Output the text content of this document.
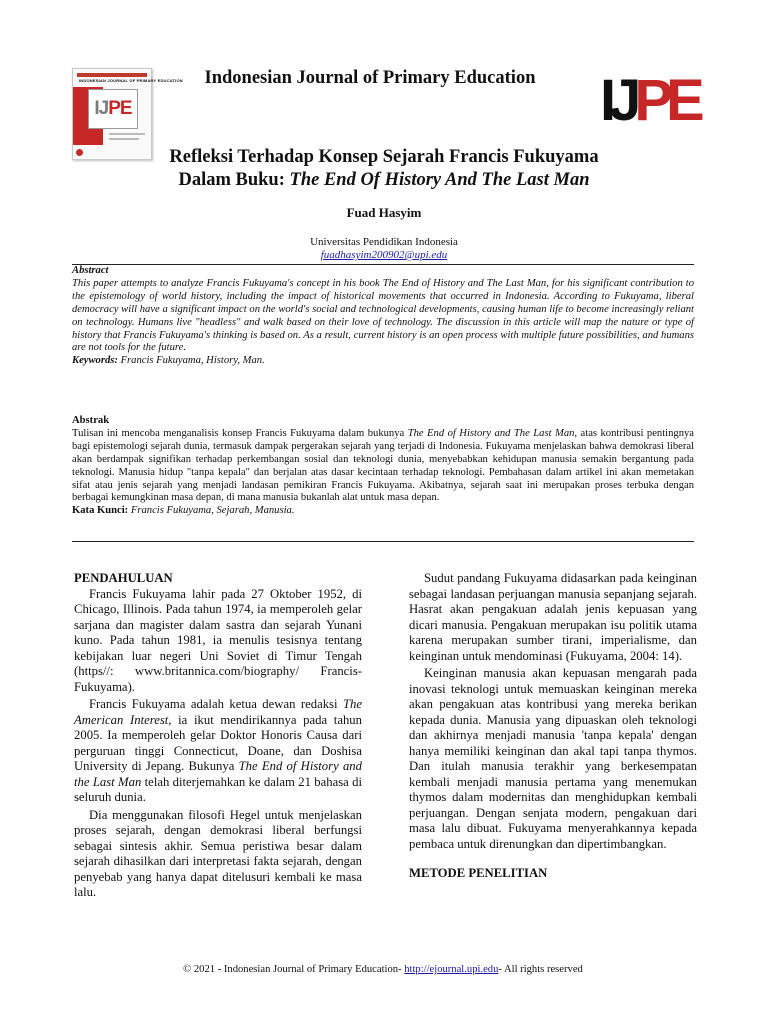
INDONESIAN JOURNAL OF PRIMARY EDUCATION
IJPE
Indonesian Journal of Primary Education	IJPE
Refleksi Terhadap Konsep Sejarah Francis Fukuyama
Dalam Buku: The End Of History And The Last Man
Fuad Hasyim
Universitas Pendidikan Indonesia
fuadhasyim200902@upi.edu
Abstract
This paper attempts to analyze Francis Fukuyama's concept in his book The End of History and The Last Man, for his significant contribution to the epistemology of world history, including the impact of historical movements that occurred in Indonesia. According to Fukuyama, liberal democracy will have a significant impact on the world's social and technological developments, causing human life to become increasingly reliant on technology. Humans live "headless" and walk based on their love of technology. The discussion in this article will map the nature or type of history that Francis Fukuyama's thinking is based on. As a result, current history is an open process with multiple future possibilities, and humans are not tools for the future.
Keywords: Francis Fukuyama, History, Man.
Abstrak
Tulisan ini mencoba menganalisis konsep Francis Fukuyama dalam bukunya The End of History and The Last Man, atas kontribusi pentingnya bagi epistemologi sejarah dunia, termasuk dampak pergerakan sejarah yang terjadi di Indonesia. Fukuyama menjelaskan bahwa demokrasi liberal akan berdampak signifikan terhadap perkembangan sosial dan teknologi dunia, menyebabkan kehidupan manusia semakin bergantung pada teknologi. Manusia hidup "tanpa kepala" dan berjalan atas dasar kecintaan terhadap teknologi. Pembahasan dalam artikel ini akan memetakan sifat atau jenis sejarah yang menjadi landasan pemikiran Francis Fukuyama. Akibatnya, sejarah saat ini merupakan proses terbuka dengan berbagai kemungkinan masa depan, di mana manusia bukanlah alat untuk masa depan.
Kata Kunci: Francis Fukuyama, Sejarah, Manusia.
PENDAHULUAN

Francis Fukuyama lahir pada 27 Oktober 1952, di Chicago, Illinois. Pada tahun 1974, ia memperoleh gelar sarjana dan magister dalam sastra dan sejarah Yunani kuno. Pada tahun 1981, ia menulis tesisnya tentang kebijakan luar negeri Uni Soviet di Timur Tengah (https//: www.britannica.com/biography/ Francis-Fukuyama).

Francis Fukuyama adalah ketua dewan redaksi The American Interest, ia ikut mendirikannya pada tahun 2005. Ia memperoleh gelar Doktor Honoris Causa dari perguruan tinggi Connecticut, Doane, dan Doshisa University di Jepang. Bukunya The End of History and the Last Man telah diterjemahkan ke dalam 21 bahasa di seluruh dunia.

Dia menggunakan filosofi Hegel untuk menjelaskan proses sejarah, dengan demokrasi liberal berfungsi sebagai sintesis akhir. Semua peristiwa besar dalam sejarah dihasilkan dari interpretasi fakta sejarah, dengan penyebab yang hanya dapat ditelusuri kembali ke masa lalu.

Sudut pandang Fukuyama didasarkan pada keinginan sebagai landasan perjuangan manusia sepanjang sejarah. Hasrat akan pengakuan adalah jenis kepuasan yang dicari manusia. Pengakuan merupakan isu politik utama karena merupakan sumber tirani, imperialisme, dan keinginan untuk mendominasi (Fukuyama, 2004: 14).

Keinginan manusia akan kepuasan mengarah pada inovasi teknologi untuk memuaskan keinginan mereka akan pengakuan atas kontribusi yang mereka berikan kepada dunia. Manusia yang dipuaskan oleh teknologi dan akhirnya menjadi manusia 'tanpa kepala' dengan hanya memiliki keinginan dan akal tapi tanpa thymos. Dan itulah manusia terakhir yang berkesempatan kembali menjadi manusia pertama yang menemukan thymos dalam modernitas dan menghidupkan kembali perjuangan. Dengan senjata modern, pengakuan dari masa lalu dibuat. Fukuyama menyerahkannya kepada pembaca untuk direnungkan dan dipertimbangkan.

METODE PENELITIAN
© 2021 - Indonesian Journal of Primary Education- http://ejournal.upi.edu- All rights reserved
